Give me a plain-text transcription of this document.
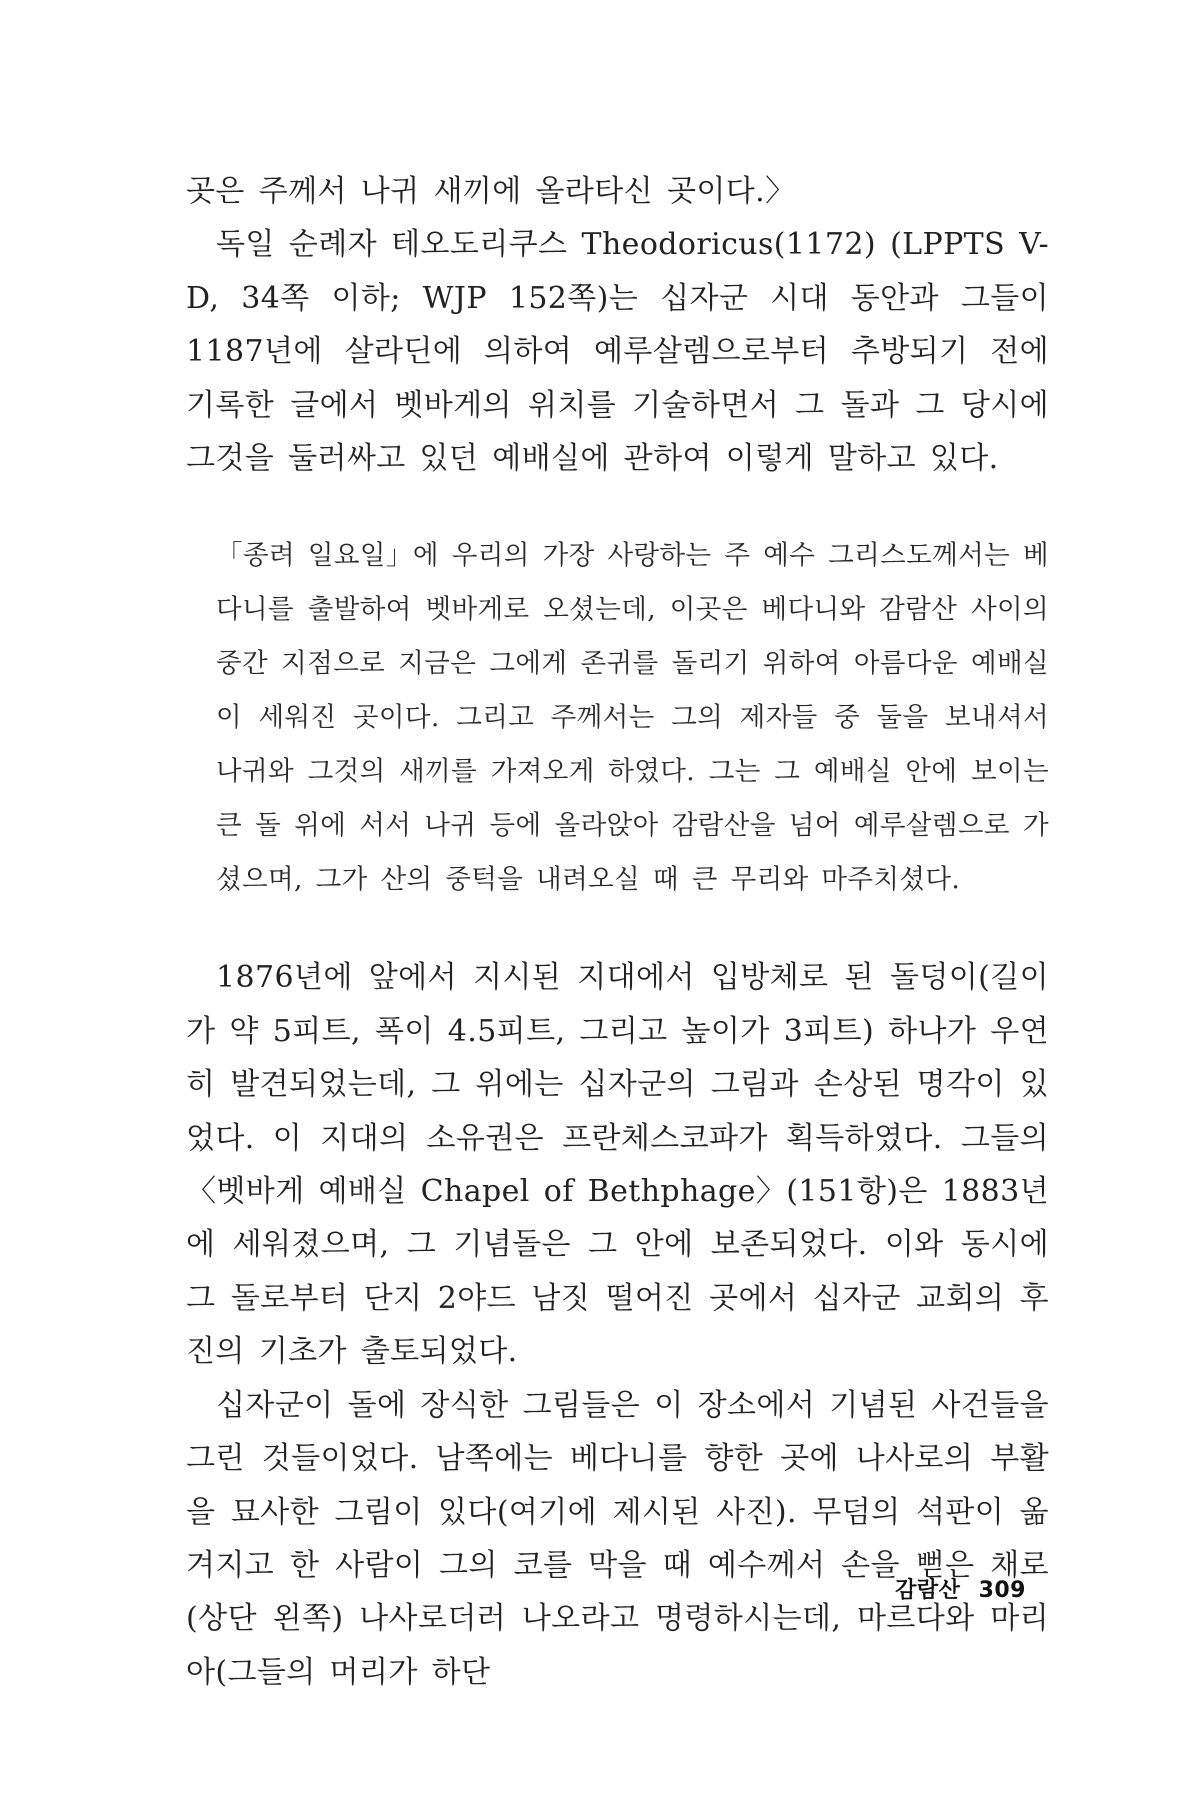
곳은 주께서 나귀 새끼에 올라타신 곳이다.〉

독일 순례자 테오도리쿠스 Theodoricus(1172) (LPPTS V-D, 34쪽 이하; WJP 152쪽)는 십자군 시대 동안과 그들이 1187년에 살라딘에 의하여 예루살렘으로부터 추방되기 전에 기록한 글에서 벳바게의 위치를 기술하면서 그 돌과 그 당시에 그것을 둘러싸고 있던 예배실에 관하여 이렇게 말하고 있다.

「종려 일요일」에 우리의 가장 사랑하는 주 예수 그리스도께서는 베다니를 출발하여 벳바게로 오셨는데, 이곳은 베다니와 감람산 사이의 중간 지점으로 지금은 그에게 존귀를 돌리기 위하여 아름다운 예배실이 세워진 곳이다. 그리고 주께서는 그의 제자들 중 둘을 보내셔서 나귀와 그것의 새끼를 가져오게 하였다. 그는 그 예배실 안에 보이는 큰 돌 위에 서서 나귀 등에 올라앉아 감람산을 넘어 예루살렘으로 가셨으며, 그가 산의 중턱을 내려오실 때 큰 무리와 마주치셨다.

1876년에 앞에서 지시된 지대에서 입방체로 된 돌덩이(길이가 약 5피트, 폭이 4.5피트, 그리고 높이가 3피트) 하나가 우연히 발견되었는데, 그 위에는 십자군의 그림과 손상된 명각이 있었다. 이 지대의 소유권은 프란체스코파가 획득하였다. 그들의 〈벳바게 예배실 Chapel of Bethphage〉(151항)은 1883년에 세워졌으며, 그 기념돌은 그 안에 보존되었다. 이와 동시에 그 돌로부터 단지 2야드 남짓 떨어진 곳에서 십자군 교회의 후진의 기초가 출토되었다.

십자군이 돌에 장식한 그림들은 이 장소에서 기념된 사건들을 그린 것들이었다. 남쪽에는 베다니를 향한 곳에 나사로의 부활을 묘사한 그림이 있다(여기에 제시된 사진). 무덤의 석판이 옮겨지고 한 사람이 그의 코를 막을 때 예수께서 손을 뻗은 채로(상단 왼쪽) 나사로더러 나오라고 명령하시는데, 마르다와 마리아(그들의 머리가 하단

감람산 309
